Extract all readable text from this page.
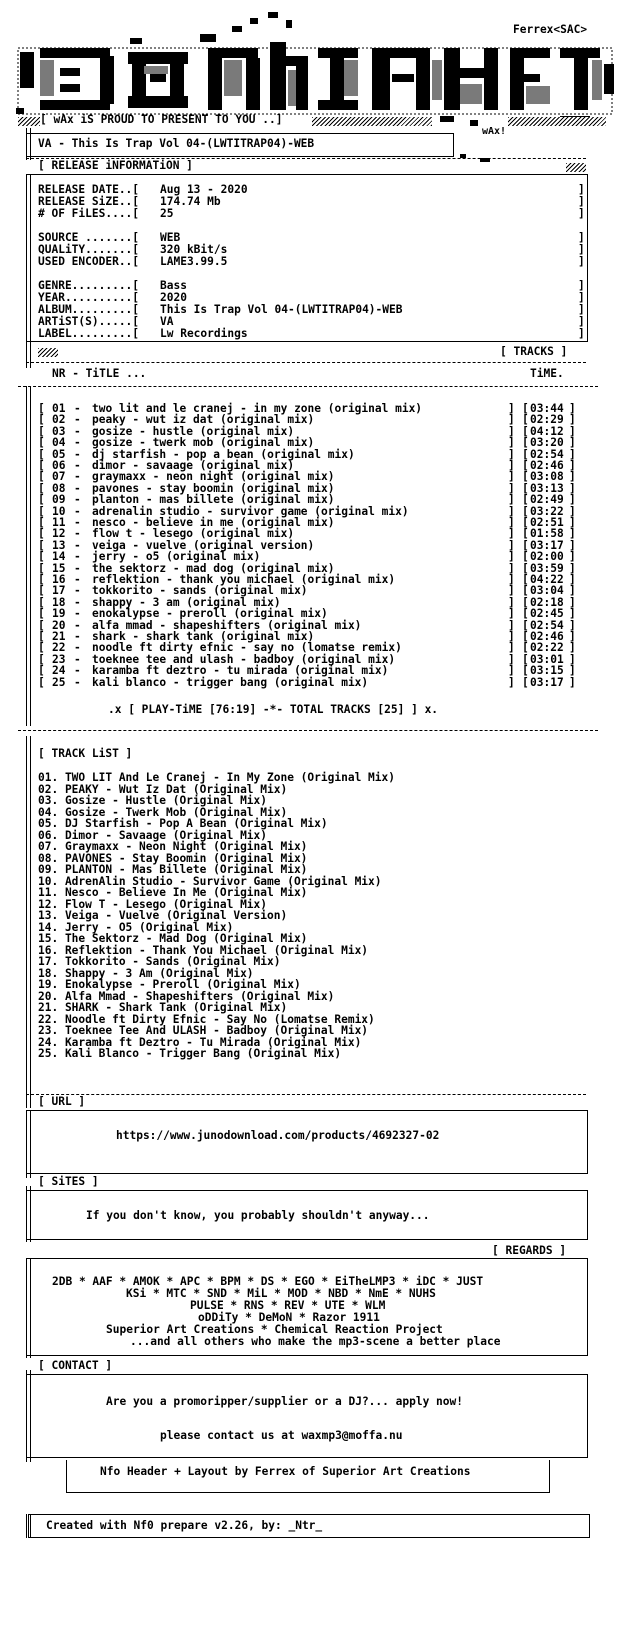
Ferrex<SAC>
[ wAx iS PROUD TO PRESENT TO YOU ..]
wAx!
VA - This Is Trap Vol 04-(LWTITRAP04)-WEB
[ RELEASE iNFORMATiON ]
RELEASE DATE..[ Aug 13 - 2020
RELEASE SiZE..[ 174.74 Mb
# OF FiLES....[ 25
SOURCE .......[ WEB
QUALiTY.......[ 320 kBit/s
USED ENCODER..[ LAME3.99.5
GENRE.........[ Bass
YEAR..........[ 2020
ALBUM.........[ This Is Trap Vol 04-(LWTITRAP04)-WEB
ARTiST(S).....[ VA
LABEL.........[ Lw Recordings
]
]
]
]
]
]
]
]
]
]
]
[ TRACKS ]
NR - TiTLE ...	TiME.
[ 01 - two lit and le cranej - in my zone (original mix)	] [ 03:44 ]
[ 02 - peaky - wut iz dat (original mix)	] [ 02:29 ]
[ 03 - gosize - hustle (original mix)	] [ 04:12 ]
[ 04 - gosize - twerk mob (original mix)	] [ 03:20 ]
[ 05 - dj starfish - pop a bean (original mix)	] [ 02:54 ]
[ 06 - dimor - savaage (original mix)	] [ 02:46 ]
[ 07 - graymaxx - neon night (original mix)	] [ 03:08 ]
[ 08 - pavones - stay boomin (original mix)	] [ 03:13 ]
[ 09 - planton - mas billete (original mix)	] [ 02:49 ]
[ 10 - adrenalin studio - survivor game (original mix)	] [ 03:22 ]
[ 11 - nesco - believe in me (original mix)	] [ 02:51 ]
[ 12 - flow t - lesego (original mix)	] [ 01:58 ]
[ 13 - veiga - vuelve (original version)	] [ 03:17 ]
[ 14 - jerry - o5 (original mix)	] [ 02:00 ]
[ 15 - the sektorz - mad dog (original mix)	] [ 03:59 ]
[ 16 - reflektion - thank you michael (original mix)	] [ 04:22 ]
[ 17 - tokkorito - sands (original mix)	] [ 03:04 ]
[ 18 - shappy - 3 am (original mix)	] [ 02:18 ]
[ 19 - enokalypse - preroll (original mix)	] [ 02:45 ]
[ 20 - alfa mmad - shapeshifters (original mix)	] [ 02:54 ]
[ 21 - shark - shark tank (original mix)	] [ 02:46 ]
[ 22 - noodle ft dirty efnic - say no (lomatse remix)	] [ 02:22 ]
[ 23 - toeknee tee and ulash - badboy (original mix)	] [ 03:01 ]
[ 24 - karamba ft deztro - tu mirada (original mix)	] [ 03:15 ]
[ 25 - kali blanco - trigger bang (original mix)	] [ 03:17 ]
.x [ PLAY-TiME [76:19] -*- TOTAL TRACKS [25] ] x.
[ TRACK LiST ]
01. TWO LIT And Le Cranej - In My Zone (Original Mix)
02. PEAKY - Wut Iz Dat (Original Mix)
03. Gosize - Hustle (Original Mix)
04. Gosize - Twerk Mob (Original Mix)
05. DJ Starfish - Pop A Bean (Original Mix)
06. Dimor - Savaage (Original Mix)
07. Graymaxx - Neon Night (Original Mix)
08. PAVONES - Stay Boomin (Original Mix)
09. PLANTON - Mas Billete (Original Mix)
10. AdrenAlin Studio - Survivor Game (Original Mix)
11. Nesco - Believe In Me (Original Mix)
12. Flow T - Lesego (Original Mix)
13. Veiga - Vuelve (Original Version)
14. Jerry - O5 (Original Mix)
15. The Sektorz - Mad Dog (Original Mix)
16. Reflektion - Thank You Michael (Original Mix)
17. Tokkorito - Sands (Original Mix)
18. Shappy - 3 Am (Original Mix)
19. Enokalypse - Preroll (Original Mix)
20. Alfa Mmad - Shapeshifters (Original Mix)
21. SHARK - Shark Tank (Original Mix)
22. Noodle ft Dirty Efnic - Say No (Lomatse Remix)
23. Toeknee Tee And ULASH - Badboy (Original Mix)
24. Karamba ft Deztro - Tu Mirada (Original Mix)
25. Kali Blanco - Trigger Bang (Original Mix)
[ URL ]
https://www.junodownload.com/products/4692327-02
[ SiTES ]
If you don't know, you probably shouldn't anyway...
[ REGARDS ]
2DB * AAF * AMOK * APC * BPM * DS * EGO * EiTheLMP3 * iDC * JUST
KSi * MTC * SND * MiL * MOD * NBD * NmE * NUHS
PULSE * RNS * REV * UTE * WLM
oDDiTy * DeMoN * Razor 1911
Superior Art Creations * Chemical Reaction Project
...and all others who make the mp3-scene a better place
[ CONTACT ]
Are you a promoripper/supplier or a DJ?... apply now!
please contact us at waxmp3@moffa.nu
Nfo Header + Layout by Ferrex of Superior Art Creations
Created with Nf0 prepare v2.26, by: _Ntr_
